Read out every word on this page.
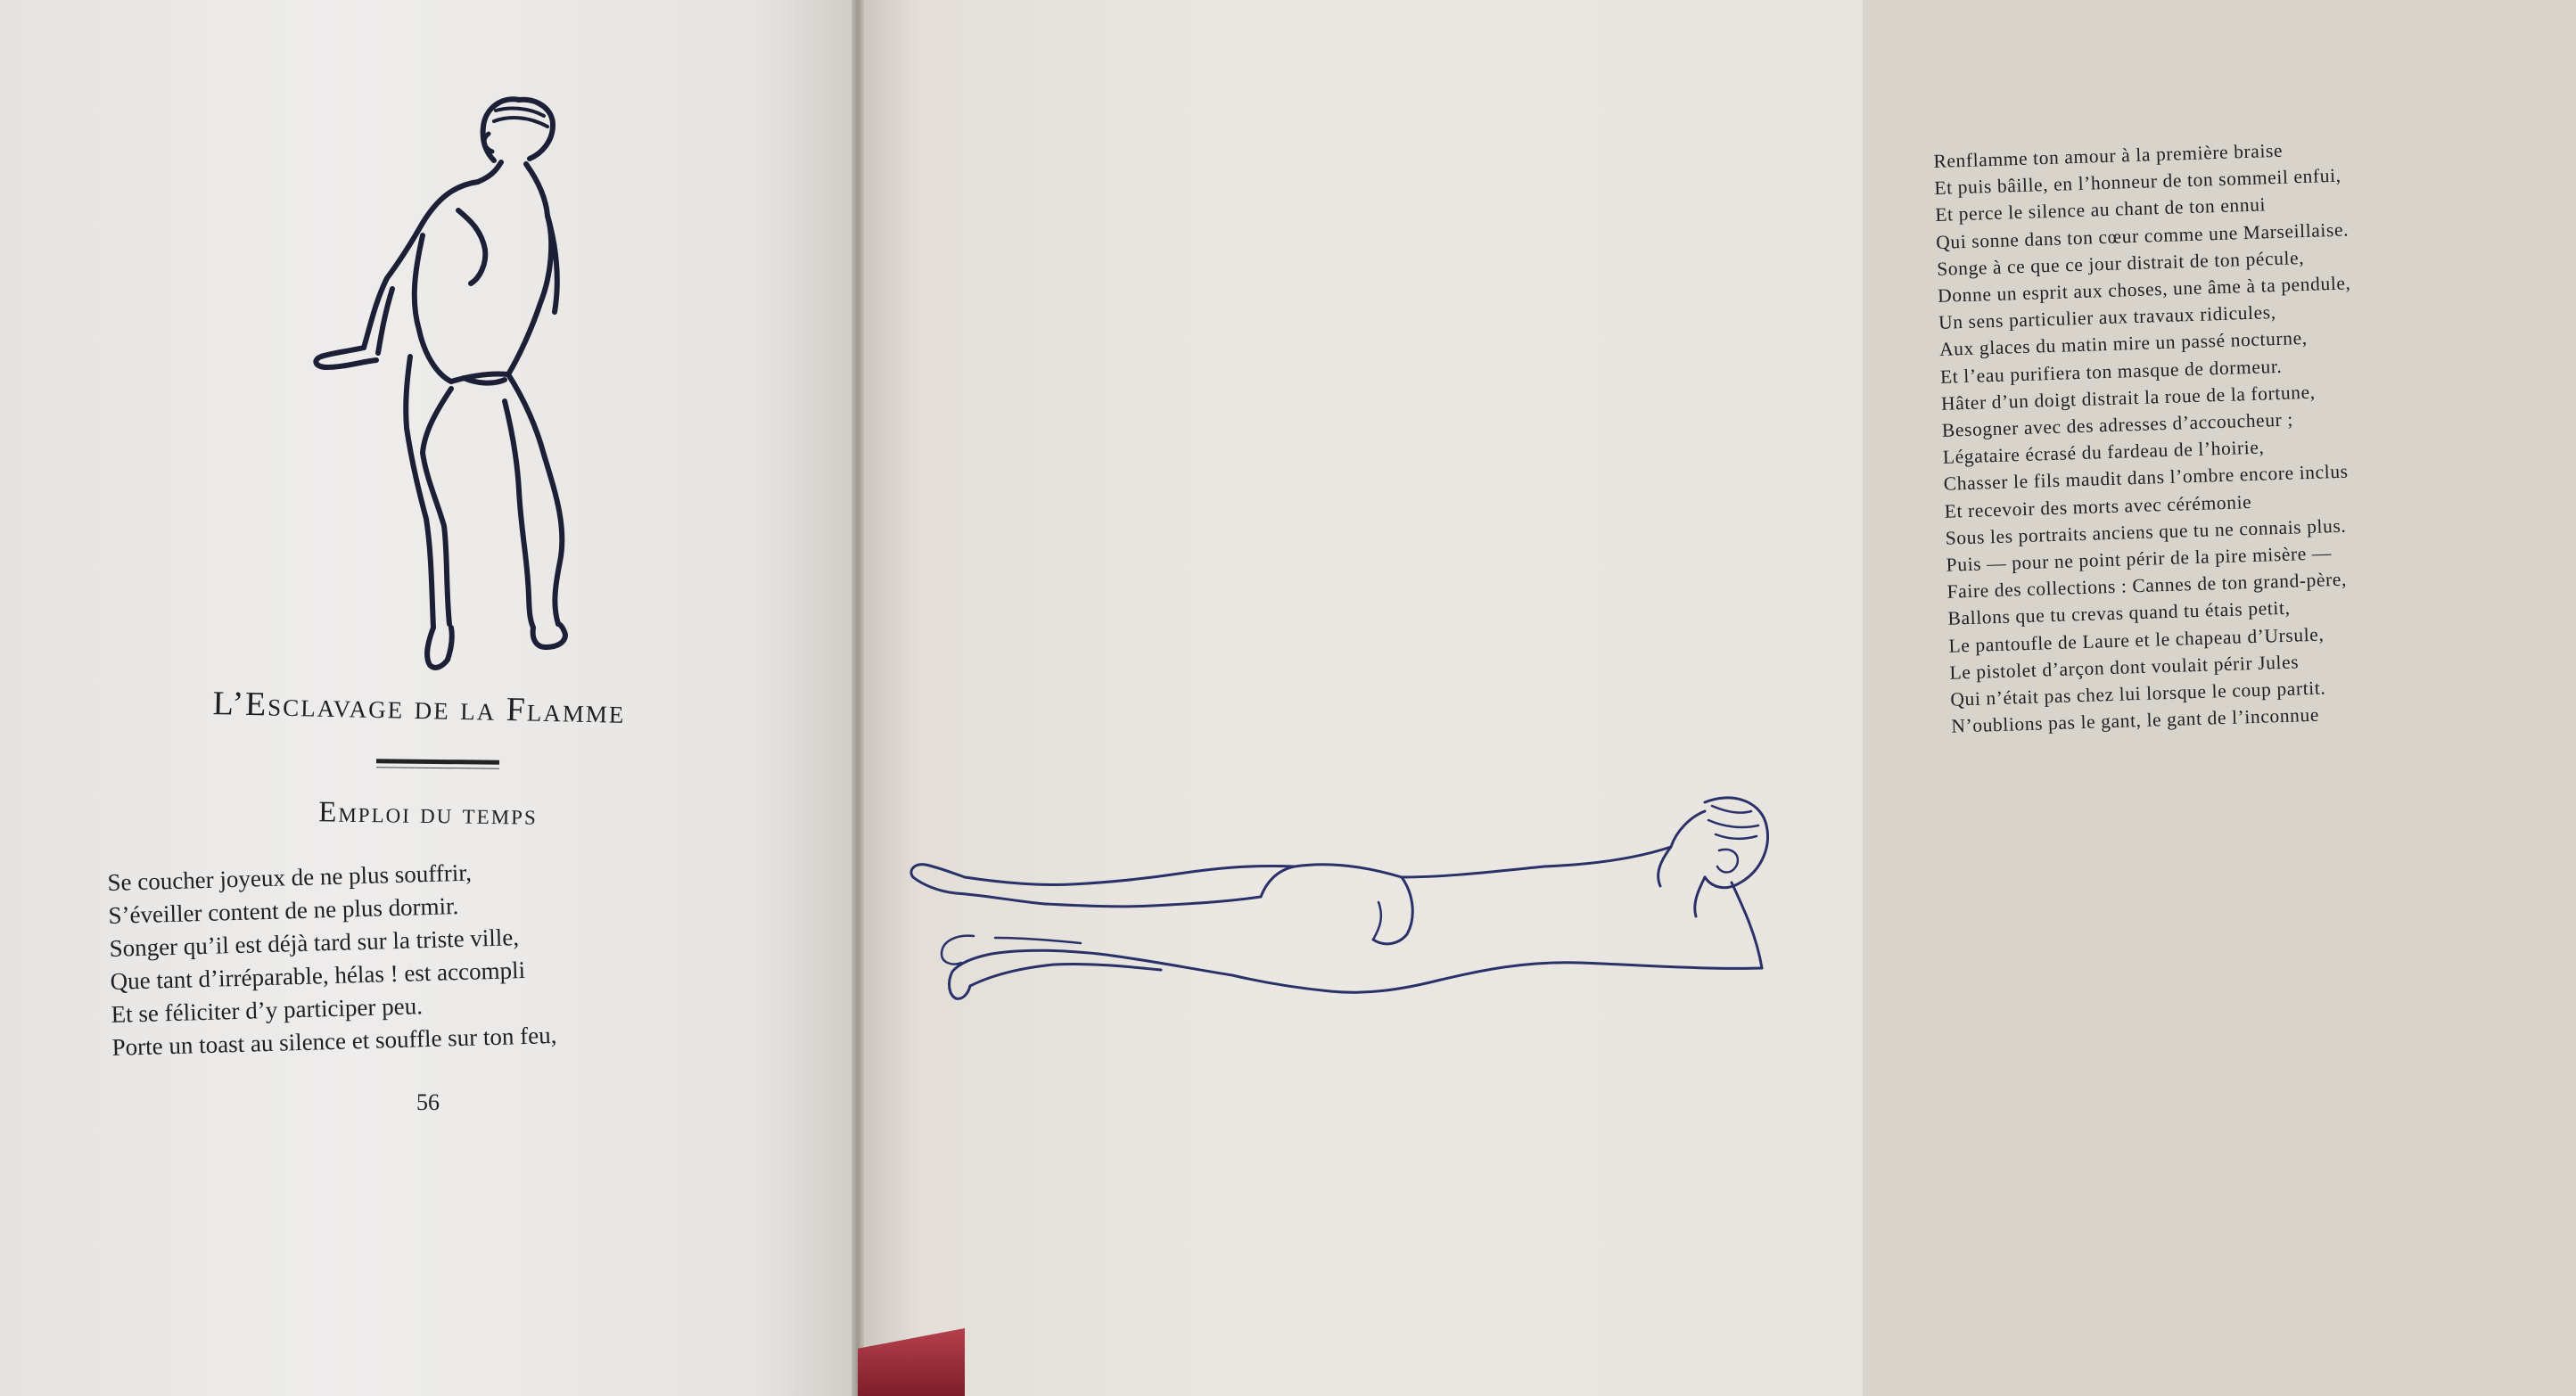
L’Esclavage de la Flamme
Emploi du temps
Se coucher joyeux de ne plus souffrir,
S’éveiller content de ne plus dormir.
Songer qu’il est déjà tard sur la triste ville,
Que tant d’irréparable, hélas ! est accompli
Et se féliciter d’y participer peu.
Porte un toast au silence et souffle sur ton feu,
56
Renflamme ton amour à la première braise
Et puis bâille, en l’honneur de ton sommeil enfui,
Et perce le silence au chant de ton ennui
Qui sonne dans ton cœur comme une Marseillaise.
Songe à ce que ce jour distrait de ton pécule,
Donne un esprit aux choses, une âme à ta pendule,
Un sens particulier aux travaux ridicules,
Aux glaces du matin mire un passé nocturne,
Et l’eau purifiera ton masque de dormeur.
Hâter d’un doigt distrait la roue de la fortune,
Besogner avec des adresses d’accoucheur ;
Légataire écrasé du fardeau de l’hoirie,
Chasser le fils maudit dans l’ombre encore inclus
Et recevoir des morts avec cérémonie
Sous les portraits anciens que tu ne connais plus.
Puis — pour ne point périr de la pire misère —
Faire des collections : Cannes de ton grand-père,
Ballons que tu crevas quand tu étais petit,
Le pantoufle de Laure et le chapeau d’Ursule,
Le pistolet d’arçon dont voulait périr Jules
Qui n’était pas chez lui lorsque le coup partit.
N’oublions pas le gant, le gant de l’inconnue
